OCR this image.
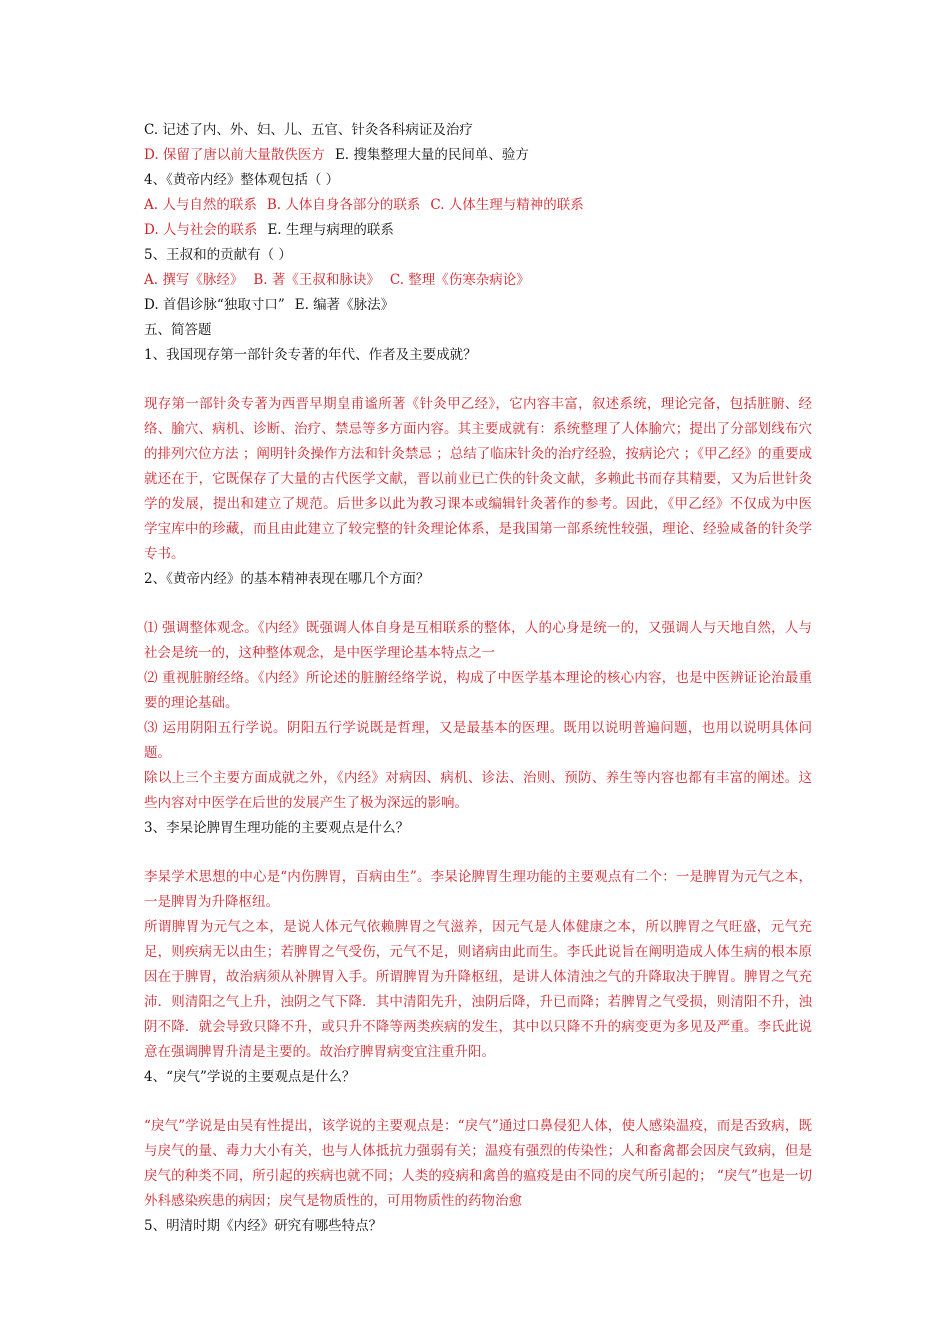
C. 记述了内、外、妇、儿、五官、针灸各科病证及治疗
D. 保留了唐以前大量散佚医方 E. 搜集整理大量的民间单、验方
4、《黄帝内经》整体观包括（ ）
A. 人与自然的联系 B. 人体自身各部分的联系 C. 人体生理与精神的联系
D. 人与社会的联系 E. 生理与病理的联系
5、王叔和的贡献有（ ）
A. 撰写《脉经》 B. 著《王叔和脉诀》 C. 整理《伤寒杂病论》
D. 首倡诊脉“独取寸口” E. 编著《脉法》
五、简答题
1、我国现存第一部针灸专著的年代、作者及主要成就？
现存第一部针灸专著为西晋早期皇甫谧所著《针灸甲乙经》，它内容丰富，叙述系统，理论完备，包括脏腑、经络、腧穴、病机、诊断、治疗、禁忌等多方面内容。其主要成就有：系统整理了人体腧穴；提出了分部划线布穴的排列穴位方法 ；阐明针灸操作方法和针灸禁忌 ；总结了临床针灸的治疗经验，按病论穴 ；《甲乙经》的重要成就还在于，它既保存了大量的古代医学文献，晋以前业已亡佚的针灸文献，多赖此书而存其精要，又为后世针灸学的发展，提出和建立了规范。后世多以此为教习课本或编辑针灸著作的参考。因此，《甲乙经》不仅成为中医学宝库中的珍藏，而且由此建立了较完整的针灸理论体系，是我国第一部系统性较强，理论、经验咸备的针灸学专书。
2、《黄帝内经》的基本精神表现在哪几个方面？
⑴ 强调整体观念。《内经》既强调人体自身是互相联系的整体，人的心身是统一的，又强调人与天地自然，人与社会是统一的，这种整体观念，是中医学理论基本特点之一
⑵ 重视脏腑经络。《内经》所论述的脏腑经络学说，构成了中医学基本理论的核心内容，也是中医辨证论治最重要的理论基础。
⑶ 运用阴阳五行学说。阴阳五行学说既是哲理，又是最基本的医理。既用以说明普遍问题，也用以说明具体问题。
除以上三个主要方面成就之外，《内经》对病因、病机、诊法、治则、预防、养生等内容也都有丰富的阐述。这些内容对中医学在后世的发展产生了极为深远的影响。
3、李杲论脾胃生理功能的主要观点是什么？
李杲学术思想的中心是“内伤脾胃，百病由生”。李杲论脾胃生理功能的主要观点有二个：一是脾胃为元气之本，一是脾胃为升降枢纽。
所谓脾胃为元气之本，是说人体元气依赖脾胃之气滋养，因元气是人体健康之本，所以脾胃之气旺盛，元气充足，则疾病无以由生；若脾胃之气受伤，元气不足，则诸病由此而生。李氏此说旨在阐明造成人体生病的根本原因在于脾胃，故治病须从补脾胃入手。所谓脾胃为升降枢纽，是讲人体清浊之气的升降取决于脾胃。脾胃之气充沛．则清阳之气上升，浊阴之气下降．其中清阳先升，浊阴后降，升已而降；若脾胃之气受损，则清阳不升，浊阴不降．就会导致只降不升，或只升不降等两类疾病的发生，其中以只降不升的病变更为多见及严重。李氏此说意在强调脾胃升清是主要的。故治疗脾胃病变宜注重升阳。
4、“戾气”学说的主要观点是什么？
“戾气”学说是由吴有性提出，该学说的主要观点是：“戾气”通过口鼻侵犯人体，使人感染温疫，而是否致病，既与戾气的量、毒力大小有关，也与人体抵抗力强弱有关；温疫有强烈的传染性；人和畜禽都会因戾气致病，但是戾气的种类不同，所引起的疾病也就不同；人类的疫病和禽兽的瘟疫是由不同的戾气所引起的； “戾气”也是一切外科感染疾患的病因；戾气是物质性的，可用物质性的药物治愈
5、明清时期《内经》研究有哪些特点？
